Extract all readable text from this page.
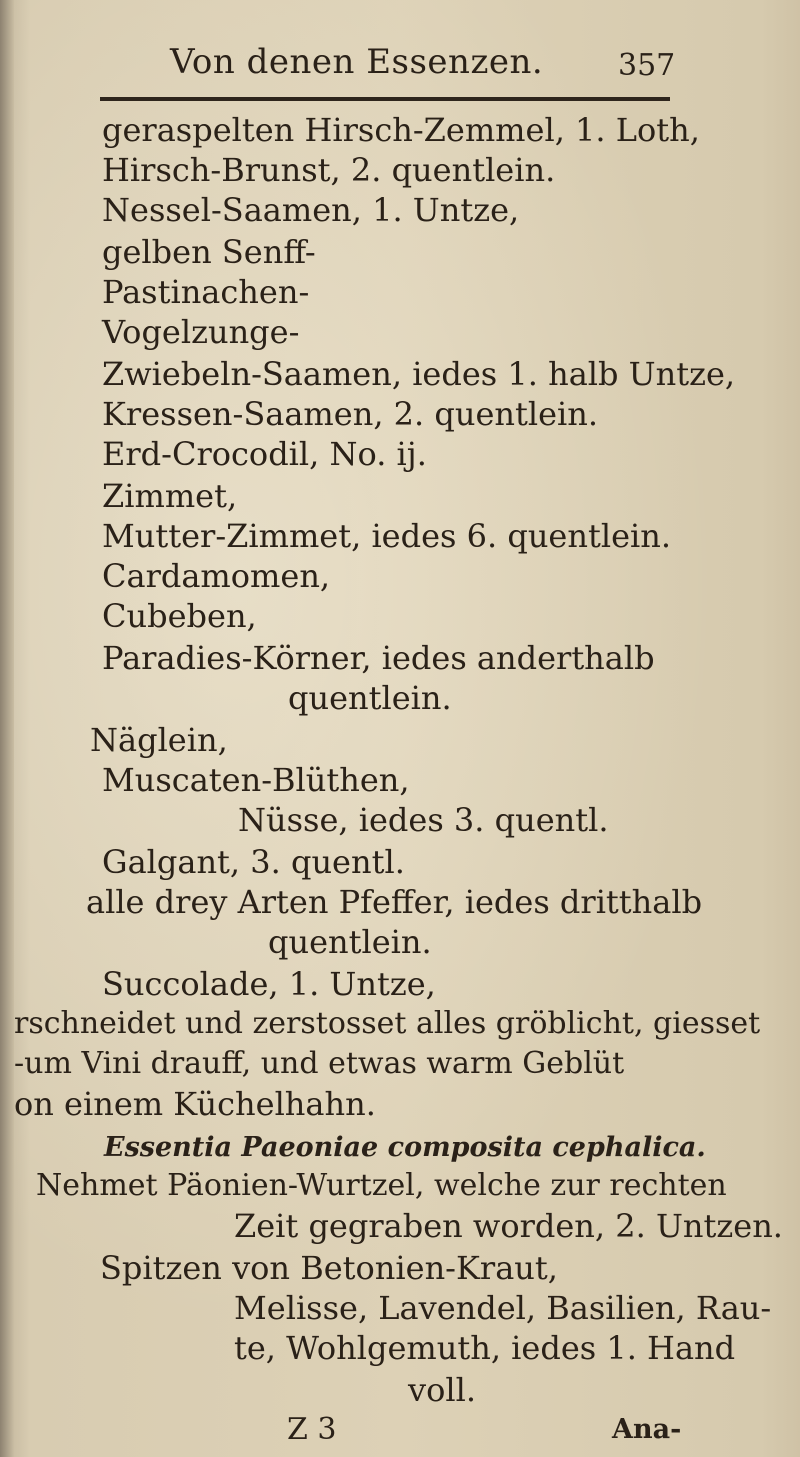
Von denen Essenzen. 357
geraspelten Hirsch-Zemmel, 1. Loth,
Hirsch-Brunst, 2. quentlein.
Nessel-Saamen, 1. Untze,
gelben Senff-
Pastinachen-
Vogelzunge-
Zwiebeln-Saamen, iedes 1. halb Untze,
Kressen-Saamen, 2. quentlein.
Erd-Crocodil, No. ij.
Zimmet,
Mutter-Zimmet, iedes 6. quentlein.
Cardamomen,
Cubeben,
Paradies-Körner, iedes anderthalb
quentlein.
Näglein,
Muscaten-Blüthen,
Nüsse, iedes 3. quentl.
Galgant, 3. quentl.
alle drey Arten Pfeffer, iedes dritthalb
quentlein.
Succolade, 1. Untze,
rschneidet und zerstosset alles gröblicht, giesset
-um Vini drauff, und etwas warm Geblüt
on einem Küchelhahn.
Essentia Paeoniae composita cephalica.
Nehmet Päonien-Wurtzel, welche zur rechten
Zeit gegraben worden, 2. Untzen.
Spitzen von Betonien-Kraut,
Melisse, Lavendel, Basilien, Rau-
te, Wohlgemuth, iedes 1. Hand
voll.
Z 3	Ana-
